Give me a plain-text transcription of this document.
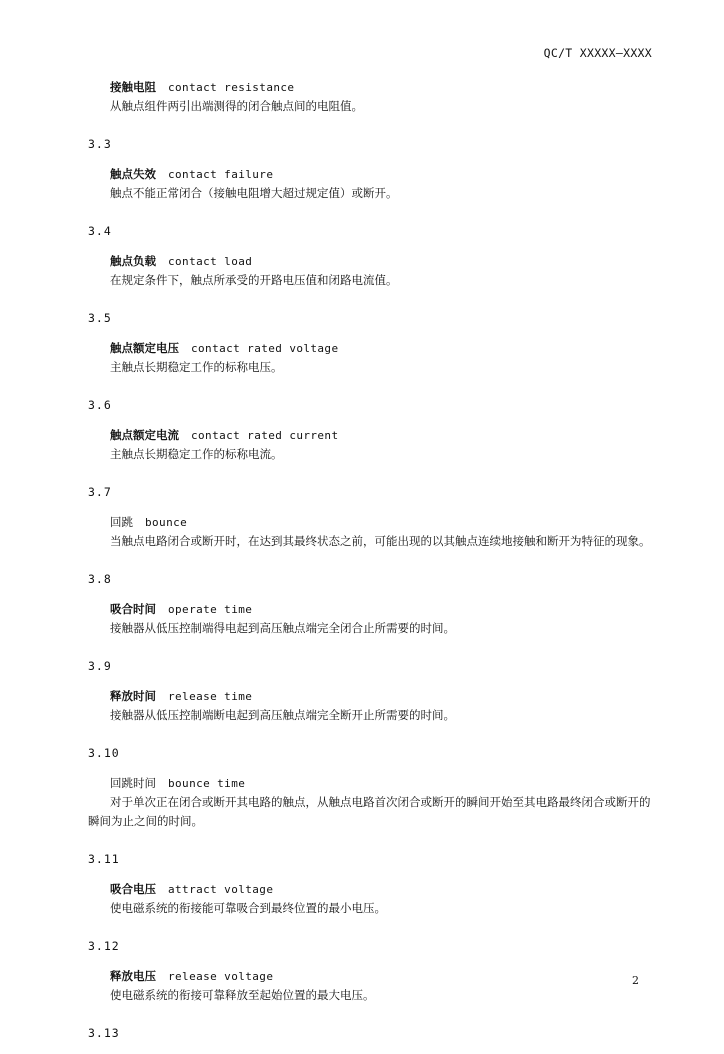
QC/T XXXXX—XXXX
接触电阻 contact resistance
从触点组件两引出端测得的闭合触点间的电阻值。
3.3
触点失效 contact failure
触点不能正常闭合（接触电阻增大超过规定值）或断开。
3.4
触点负载 contact load
在规定条件下，触点所承受的开路电压值和闭路电流值。
3.5
触点额定电压 contact rated voltage
主触点长期稳定工作的标称电压。
3.6
触点额定电流 contact rated current
主触点长期稳定工作的标称电流。
3.7
回跳 bounce
当触点电路闭合或断开时，在达到其最终状态之前，可能出现的以其触点连续地接触和断开为特征的现象。
3.8
吸合时间 operate time
接触器从低压控制端得电起到高压触点端完全闭合止所需要的时间。
3.9
释放时间 release time
接触器从低压控制端断电起到高压触点端完全断开止所需要的时间。
3.10
回跳时间 bounce time
对于单次正在闭合或断开其电路的触点，从触点电路首次闭合或断开的瞬间开始至其电路最终闭合或断开的瞬间为止之间的时间。
3.11
吸合电压 attract voltage
使电磁系统的衔接能可靠吸合到最终位置的最小电压。
3.12
释放电压 release voltage
使电磁系统的衔接可靠释放至起始位置的最大电压。
3.13
2
